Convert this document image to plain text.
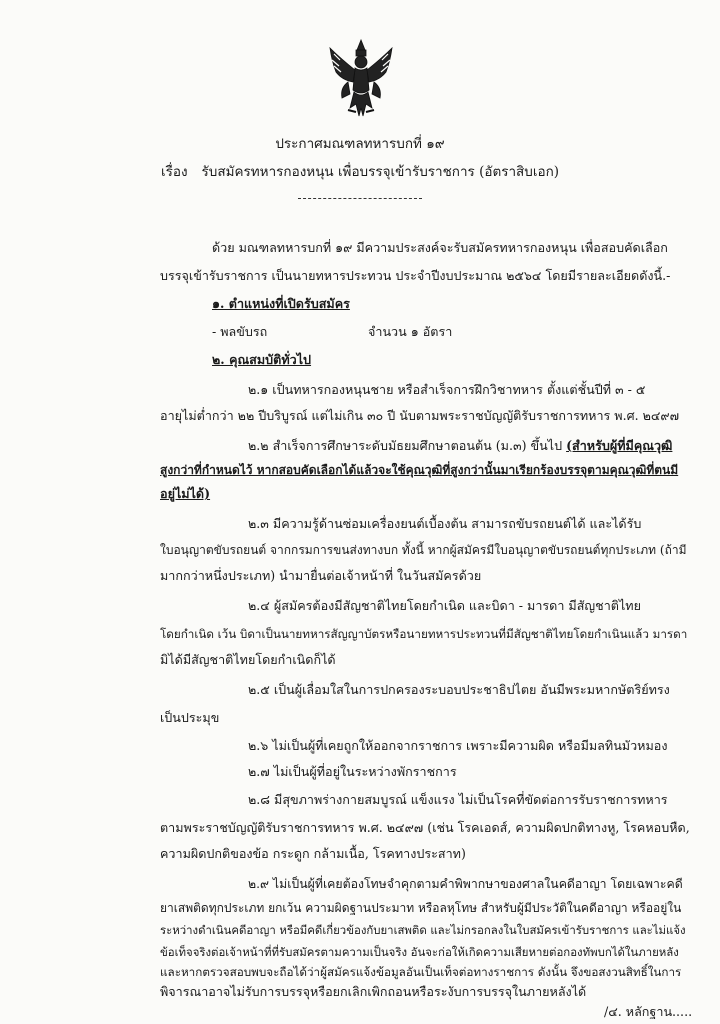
ประกาศมณฑลทหารบกที่ ๑๙
เรื่อง รับสมัครทหารกองหนุน เพื่อบรรจุเข้ารับราชการ (อัตราสิบเอก)
ด้วย มณฑลทหารบกที่ ๑๙ มีความประสงค์จะรับสมัครทหารกองหนุน เพื่อสอบคัดเลือก
บรรจุเข้ารับราชการ เป็นนายทหารประทวน ประจำปีงบประมาณ ๒๕๖๔ โดยมีรายละเอียดดังนี้.-
๑. ตำแหน่งที่เปิดรับสมัคร
- พลขับรถ	จำนวน ๑ อัตรา
๒. คุณสมบัติทั่วไป
๒.๑ เป็นทหารกองหนุนชาย หรือสำเร็จการฝึกวิชาทหาร ตั้งแต่ชั้นปีที่ ๓ - ๕
อายุไม่ต่ำกว่า ๒๒ ปีบริบูรณ์ แต่ไม่เกิน ๓๐ ปี นับตามพระราชบัญญัติรับราชการทหาร พ.ศ. ๒๔๙๗
๒.๒ สำเร็จการศึกษาระดับมัธยมศึกษาตอนต้น (ม.๓) ขึ้นไป (สำหรับผู้ที่มีคุณวุฒิ
สูงกว่าที่กำหนดไว้ หากสอบคัดเลือกได้แล้วจะใช้คุณวุฒิที่สูงกว่านั้นมาเรียกร้องบรรจุตามคุณวุฒิที่ตนมี
อยู่ไม่ได้)
๒.๓ มีความรู้ด้านซ่อมเครื่องยนต์เบื้องต้น สามารถขับรถยนต์ได้ และได้รับ
ใบอนุญาตขับรถยนต์ จากกรมการขนส่งทางบก ทั้งนี้ หากผู้สมัครมีใบอนุญาตขับรถยนต์ทุกประเภท (ถ้ามี
มากกว่าหนึ่งประเภท) นำมายื่นต่อเจ้าหน้าที่ ในวันสมัครด้วย
๒.๔ ผู้สมัครต้องมีสัญชาติไทยโดยกำเนิด และบิดา - มารดา มีสัญชาติไทย
โดยกำเนิด เว้น บิดาเป็นนายทหารสัญญาบัตรหรือนายทหารประทวนที่มีสัญชาติไทยโดยกำเนินแล้ว มารดา
มิได้มีสัญชาติไทยโดยกำเนิดก็ได้
๒.๕ เป็นผู้เลื่อมใสในการปกครองระบอบประชาธิปไตย อันมีพระมหากษัตริย์ทรง
เป็นประมุข
๒.๖ ไม่เป็นผู้ที่เคยถูกให้ออกจากราชการ เพราะมีความผิด หรือมีมลทินมัวหมอง
๒.๗ ไม่เป็นผู้ที่อยู่ในระหว่างพักราชการ
๒.๘ มีสุขภาพร่างกายสมบูรณ์ แข็งแรง ไม่เป็นโรคที่ขัดต่อการรับราชการทหาร
ตามพระราชบัญญัติรับราชการทหาร พ.ศ. ๒๔๙๗ (เช่น โรคเอดส์, ความผิดปกติทางหู, โรคหอบหืด,
ความผิดปกติของข้อ กระดูก กล้ามเนื้อ, โรคทางประสาท)
๒.๙ ไม่เป็นผู้ที่เคยต้องโทษจำคุกตามคำพิพากษาของศาลในคดีอาญา โดยเฉพาะคดี
ยาเสพติดทุกประเภท ยกเว้น ความผิดฐานประมาท หรือลหุโทษ สำหรับผู้มีประวัติในคดีอาญา หรืออยู่ใน
ระหว่างดำเนินคดีอาญา หรือมีคดีเกี่ยวข้องกับยาเสพติด และไม่กรอกลงในใบสมัครเข้ารับราชการ และไม่แจ้ง
ข้อเท็จจริงต่อเจ้าหน้าที่ที่รับสมัครตามความเป็นจริง อันจะก่อให้เกิดความเสียหายต่อกองทัพบกได้ในภายหลัง
และหากตรวจสอบพบจะถือได้ว่าผู้สมัครแจ้งข้อมูลอันเป็นเท็จต่อทางราชการ ดังนั้น จึงขอสงวนสิทธิ์ในการ
พิจารณาอาจไม่รับการบรรจุหรือยกเลิกเพิกถอนหรือระงับการบรรจุในภายหลังได้
/๔. หลักฐาน.....
